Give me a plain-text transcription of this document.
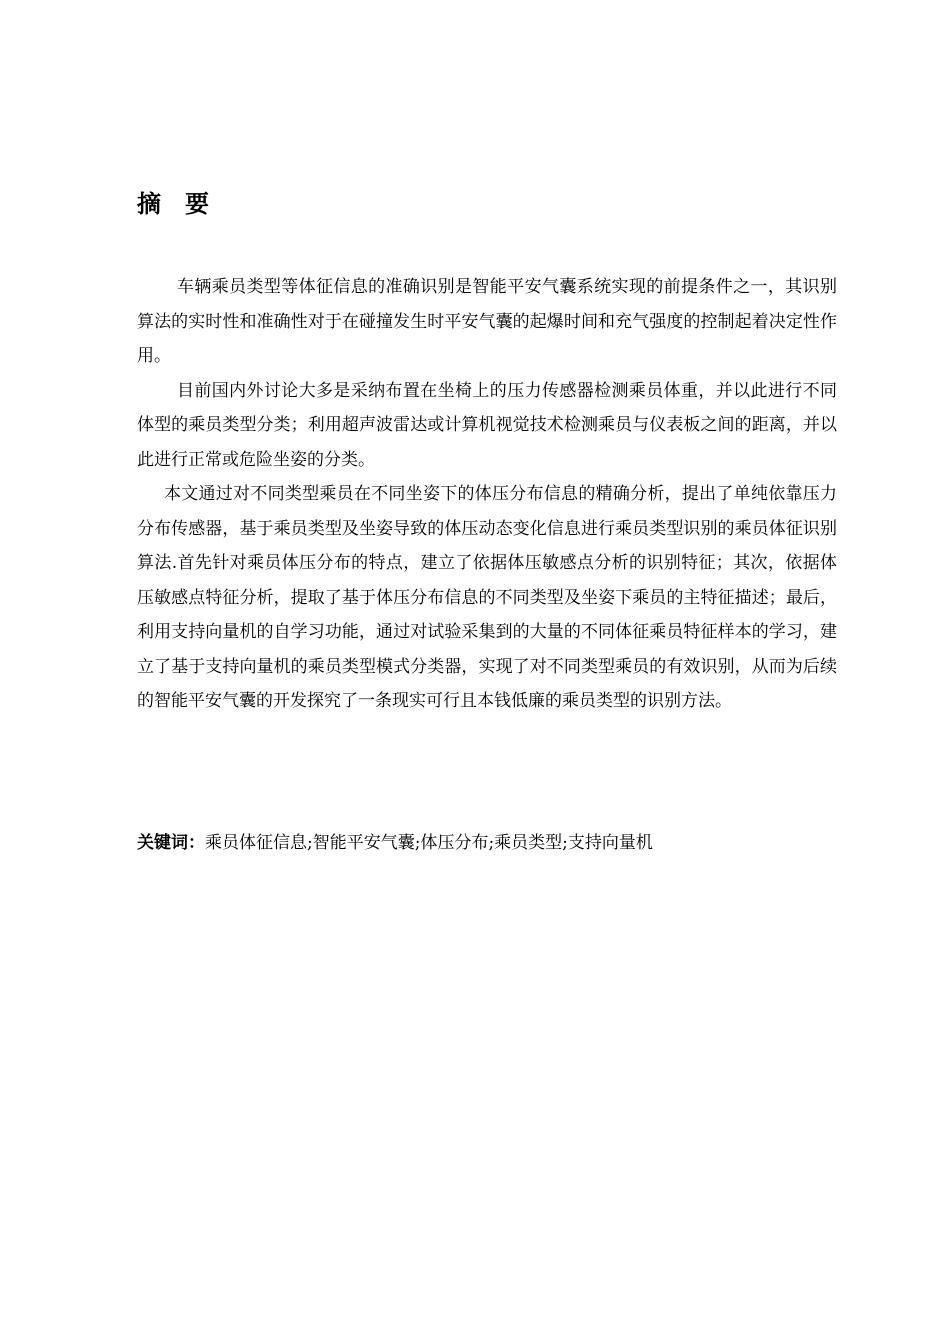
摘要

车辆乘员类型等体征信息的准确识别是智能平安气囊系统实现的前提条件之一，其识别算法的实时性和准确性对于在碰撞发生时平安气囊的起爆时间和充气强度的控制起着决定性作用。

目前国内外讨论大多是采纳布置在坐椅上的压力传感器检测乘员体重，并以此进行不同体型的乘员类型分类；利用超声波雷达或计算机视觉技术检测乘员与仪表板之间的距离，并以此进行正常或危险坐姿的分类。

本文通过对不同类型乘员在不同坐姿下的体压分布信息的精确分析，提出了单纯依靠压力分布传感器，基于乘员类型及坐姿导致的体压动态变化信息进行乘员类型识别的乘员体征识别算法.首先针对乘员体压分布的特点，建立了依据体压敏感点分析的识别特征；其次，依据体压敏感点特征分析，提取了基于体压分布信息的不同类型及坐姿下乘员的主特征描述；最后，利用支持向量机的自学习功能，通过对试验采集到的大量的不同体征乘员特征样本的学习，建立了基于支持向量机的乘员类型模式分类器，实现了对不同类型乘员的有效识别，从而为后续的智能平安气囊的开发探究了一条现实可行且本钱低廉的乘员类型的识别方法。

关键词：乘员体征信息;智能平安气囊;体压分布;乘员类型;支持向量机
